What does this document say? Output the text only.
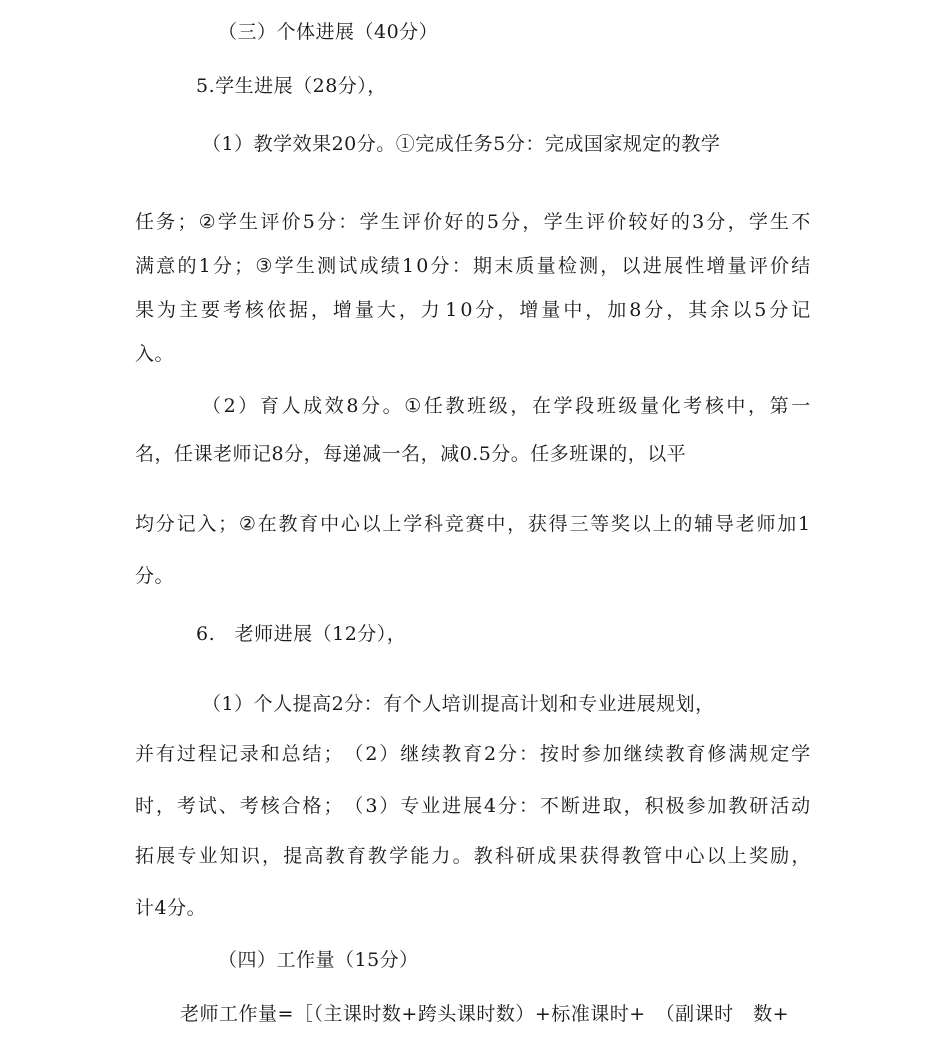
（三）个体进展（40分）
5.学生进展（28分），
（1）教学效果20分。①完成任务5分：完成国家规定的教学
任 务 ； ② 学 生 评 价 5 分 ： 学 生 评 价 好 的 5 分 ， 学 生 评 价 较 好 的 3 分 ， 学 生 不
满 意 的 1 分 ； ③ 学 生 测 试 成 绩 1 0 分 ： 期 末 质 量 检 测 ， 以 进 展 性 增 量 评 价 结
果 为 主 要 考 核 依 据 ， 增 量 大 ， 力 1 0 分 ， 增 量 中 ， 加 8 分 ， 其 余 以 5 分 记
入。
（ 2 ） 育 人 成 效 8 分 。 ① 任 教 班 级 ， 在 学 段 班 级 量 化 考 核 中 ， 第 一
名，任课老师记8分，每递减一名，减0.5分。任多班课的，以平
均 分 记 入 ； ② 在 教 育 中 心 以 上 学 科 竞 赛 中 ， 获 得 三 等 奖 以 上 的 辅 导 老 师 加 1
分。
6.　老师进展（12分），
（1）个人提高2分：有个人培训提高计划和专业进展规划，
并 有 过 程 记 录 和 总 结 ； （ 2 ） 继 续 教 育 2 分 ： 按 时 参 加 继 续 教 育 修 满 规 定 学
时 ， 考 试 、 考 核 合 格 ； （ 3 ） 专 业 进 展 4 分 ： 不 断 进 取 ， 积 极 参 加 教 研 活 动
拓 展 专 业 知 识 ， 提 高 教 育 教 学 能 力 。 教 科 研 成 果 获 得 教 管 中 心 以 上 奖 励 ，
计4分。
（四）工作量（15分）
老师工作量=［（主课时数+跨头课时数）+标准课时+　（副课时　数+
